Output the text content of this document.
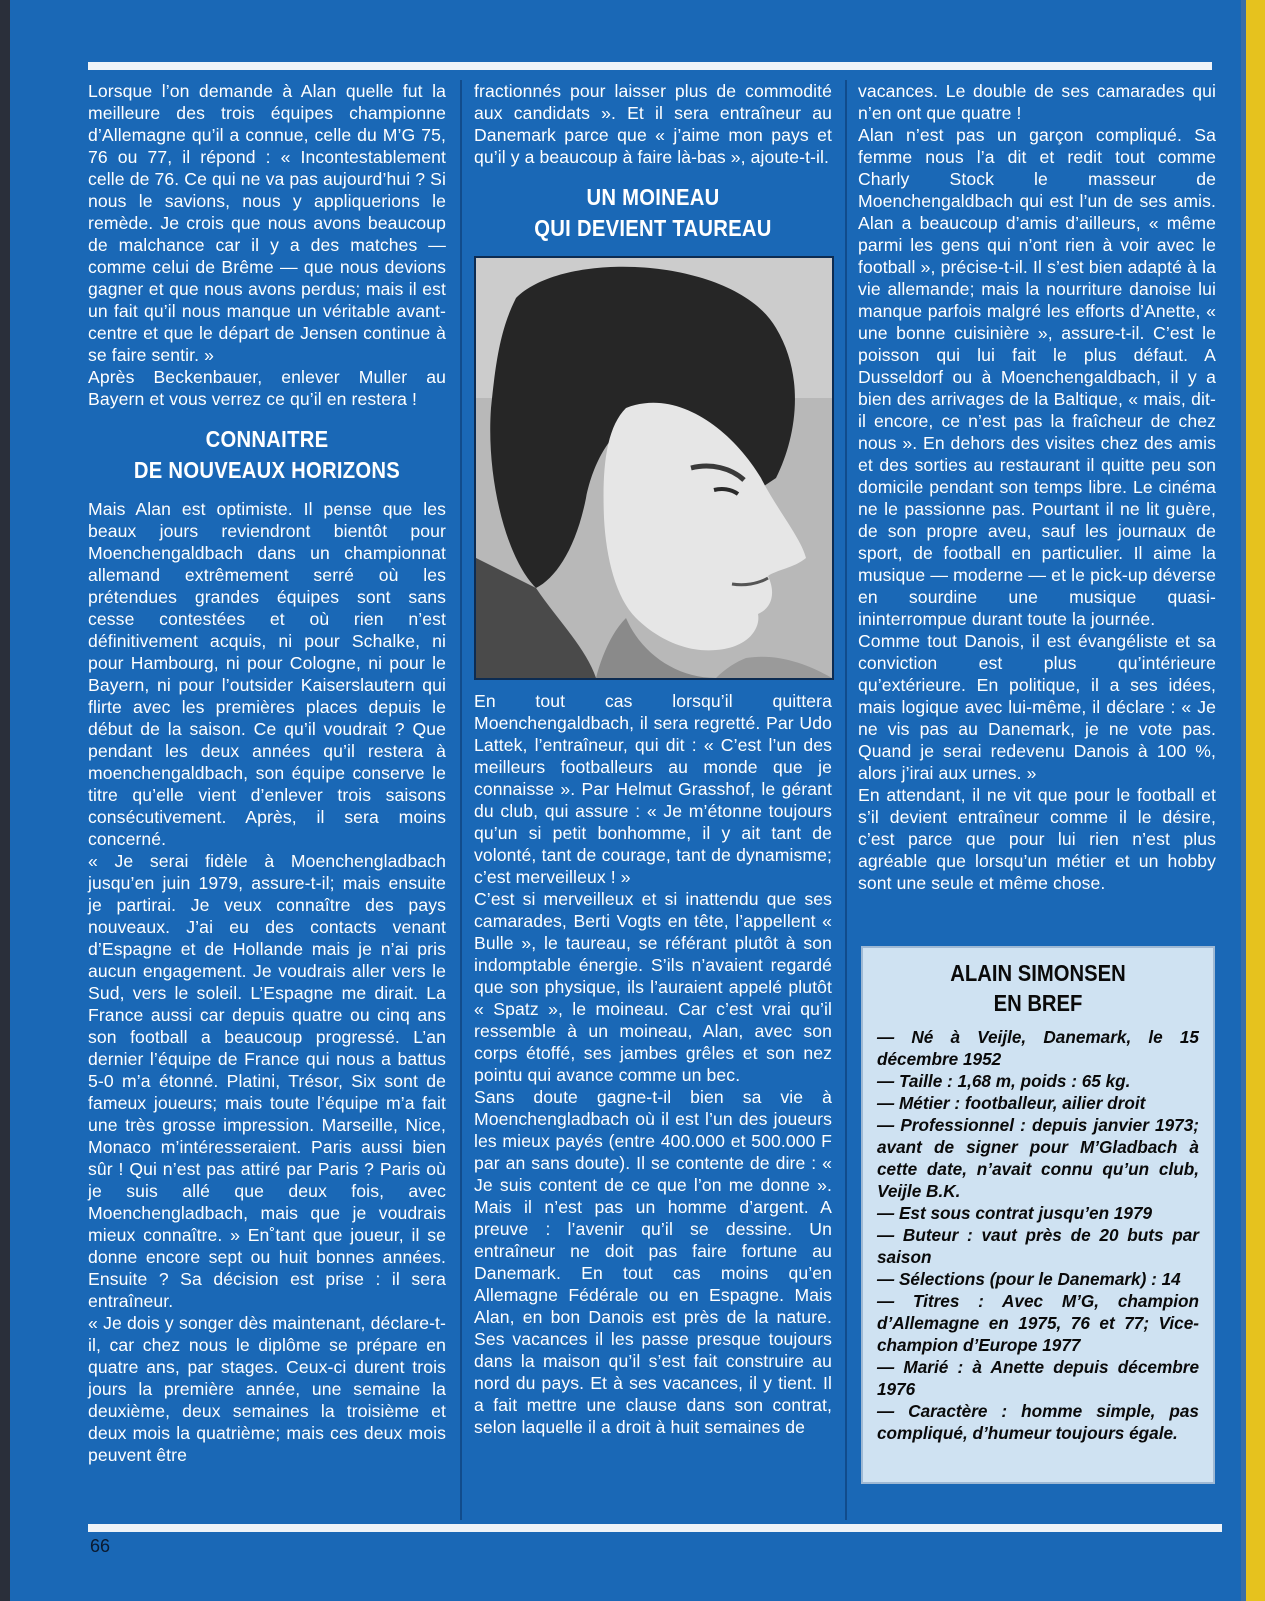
Lorsque l’on demande à Alan quelle fut la meilleure des trois équipes championne d’Allemagne qu’il a connue, celle du M’G 75, 76 ou 77, il répond : « Incontestablement celle de 76. Ce qui ne va pas aujourd’hui ? Si nous le savions, nous y appliquerions le remède. Je crois que nous avons beaucoup de malchance car il y a des matches — comme celui de Brême — que nous devions gagner et que nous avons perdus; mais il est un fait qu’il nous manque un véritable avant-centre et que le départ de Jensen continue à se faire sentir. »

Après Beckenbauer, enlever Muller au Bayern et vous verrez ce qu’il en restera !

CONNAITRE
DE NOUVEAUX HORIZONS

Mais Alan est optimiste. Il pense que les beaux jours reviendront bientôt pour Moenchengaldbach dans un championnat allemand extrêmement serré où les prétendues grandes équipes sont sans cesse contestées et où rien n’est définitivement acquis, ni pour Schalke, ni pour Hambourg, ni pour Cologne, ni pour le Bayern, ni pour l’outsider Kaiserslautern qui flirte avec les premières places depuis le début de la saison. Ce qu’il voudrait ? Que pendant les deux années qu’il restera à moenchengaldbach, son équipe conserve le titre qu’elle vient d’enlever trois saisons consécutivement. Après, il sera moins concerné.

« Je serai fidèle à Moenchengladbach jusqu’en juin 1979, assure-t-il; mais ensuite je partirai. Je veux connaître des pays nouveaux. J’ai eu des contacts venant d’Espagne et de Hollande mais je n’ai pris aucun engagement. Je voudrais aller vers le Sud, vers le soleil. L’Espagne me dirait. La France aussi car depuis quatre ou cinq ans son football a beaucoup progressé. L’an dernier l’équipe de France qui nous a battus 5-0 m’a étonné. Platini, Trésor, Six sont de fameux joueurs; mais toute l’équipe m’a fait une très grosse impression. Marseille, Nice, Monaco m’intéresseraient. Paris aussi bien sûr ! Qui n’est pas attiré par Paris ? Paris où je suis allé que deux fois, avec Moenchengladbach, mais que je voudrais mieux connaître. » En˚tant que joueur, il se donne encore sept ou huit bonnes années. Ensuite ? Sa décision est prise : il sera entraîneur.

« Je dois y songer dès maintenant, déclare-t-il, car chez nous le diplôme se prépare en quatre ans, par stages. Ceux-ci durent trois jours la première année, une semaine la deuxième, deux semaines la troisième et deux mois la quatrième; mais ces deux mois peuvent être

fractionnés pour laisser plus de commodité aux candidats ». Et il sera entraîneur au Danemark parce que « j’aime mon pays et qu’il y a beaucoup à faire là-bas », ajoute-t-il.

UN MOINEAU
QUI DEVIENT TAUREAU

En tout cas lorsqu’il quittera Moenchengaldbach, il sera regretté. Par Udo Lattek, l’entraîneur, qui dit : « C’est l’un des meilleurs footballeurs au monde que je connaisse ». Par Helmut Grasshof, le gérant du club, qui assure : « Je m’étonne toujours qu’un si petit bonhomme, il y ait tant de volonté, tant de courage, tant de dynamisme; c’est merveilleux ! »

C’est si merveilleux et si inattendu que ses camarades, Berti Vogts en tête, l’appellent « Bulle », le taureau, se référant plutôt à son indomptable énergie. S’ils n’avaient regardé que son physique, ils l’auraient appelé plutôt « Spatz », le moineau. Car c’est vrai qu’il ressemble à un moineau, Alan, avec son corps étoffé, ses jambes grêles et son nez pointu qui avance comme un bec.

Sans doute gagne-t-il bien sa vie à Moenchengladbach où il est l’un des joueurs les mieux payés (entre 400.000 et 500.000 F par an sans doute). Il se contente de dire : « Je suis content de ce que l’on me donne ». Mais il n’est pas un homme d’argent. A preuve : l’avenir qu’il se dessine. Un entraîneur ne doit pas faire fortune au Danemark. En tout cas moins qu’en Allemagne Fédérale ou en Espagne. Mais Alan, en bon Danois est près de la nature. Ses vacances il les passe presque toujours dans la maison qu’il s’est fait construire au nord du pays. Et à ses vacances, il y tient. Il a fait mettre une clause dans son contrat, selon laquelle il a droit à huit semaines de

vacances. Le double de ses camarades qui n’en ont que quatre !

Alan n’est pas un garçon compliqué. Sa femme nous l’a dit et redit tout comme Charly Stock le masseur de Moenchengaldbach qui est l’un de ses amis. Alan a beaucoup d’amis d’ailleurs, « même parmi les gens qui n’ont rien à voir avec le football », précise-t-il. Il s’est bien adapté à la vie allemande; mais la nourriture danoise lui manque parfois malgré les efforts d’Anette, « une bonne cuisinière », assure-t-il. C’est le poisson qui lui fait le plus défaut. A Dusseldorf ou à Moenchengaldbach, il y a bien des arrivages de la Baltique, « mais, dit-il encore, ce n’est pas la fraîcheur de chez nous ». En dehors des visites chez des amis et des sorties au restaurant il quitte peu son domicile pendant son temps libre. Le cinéma ne le passionne pas. Pourtant il ne lit guère, de son propre aveu, sauf les journaux de sport, de football en particulier. Il aime la musique — moderne — et le pick-up déverse en sourdine une musique quasi-ininterrompue durant toute la journée.

Comme tout Danois, il est évangéliste et sa conviction est plus qu’intérieure qu’extérieure. En politique, il a ses idées, mais logique avec lui-même, il déclare : « Je ne vis pas au Danemark, je ne vote pas. Quand je serai redevenu Danois à 100 %, alors j’irai aux urnes. »

En attendant, il ne vit que pour le football et s’il devient entraîneur comme il le désire, c’est parce que pour lui rien n’est plus agréable que lorsqu’un métier et un hobby sont une seule et même chose.

ALAIN SIMONSEN
EN BREF

— Né à Veijle, Danemark, le 15 décembre 1952

— Taille : 1,68 m, poids : 65 kg.

— Métier : footballeur, ailier droit

— Professionnel : depuis janvier 1973; avant de signer pour M’Gladbach à cette date, n’avait connu qu’un club, Veijle B.K.

— Est sous contrat jusqu’en 1979

— Buteur : vaut près de 20 buts par saison

— Sélections (pour le Danemark) : 14

— Titres : Avec M’G, champion d’Allemagne en 1975, 76 et 77; Vice-champion d’Europe 1977

— Marié : à Anette depuis décembre 1976

— Caractère : homme simple, pas compliqué, d’humeur toujours égale.

66
